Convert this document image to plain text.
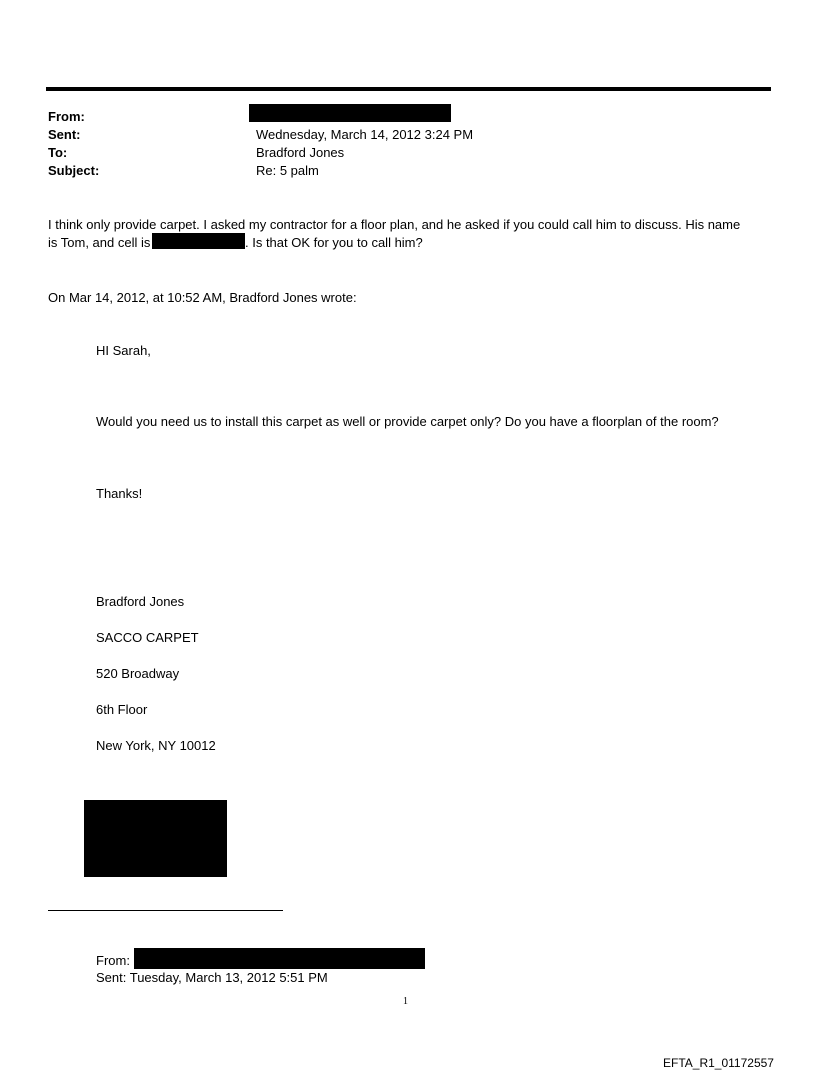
From:
Sent:	Wednesday, March 14, 2012 3:24 PM
To:	Bradford Jones
Subject:	Re: 5 palm
I think only provide carpet. I asked my contractor for a floor plan, and he asked if you could call him to discuss. His name
is Tom, and cell is	. Is that OK for you to call him?
On Mar 14, 2012, at 10:52 AM, Bradford Jones wrote:
HI Sarah,
Would you need us to install this carpet as well or provide carpet only? Do you have a floorplan of the room?
Thanks!
Bradford Jones
SACCO CARPET
520 Broadway
6th Floor
New York, NY 10012
From:
Sent: Tuesday, March 13, 2012 5:51 PM
1
EFTA_R1_01172557
